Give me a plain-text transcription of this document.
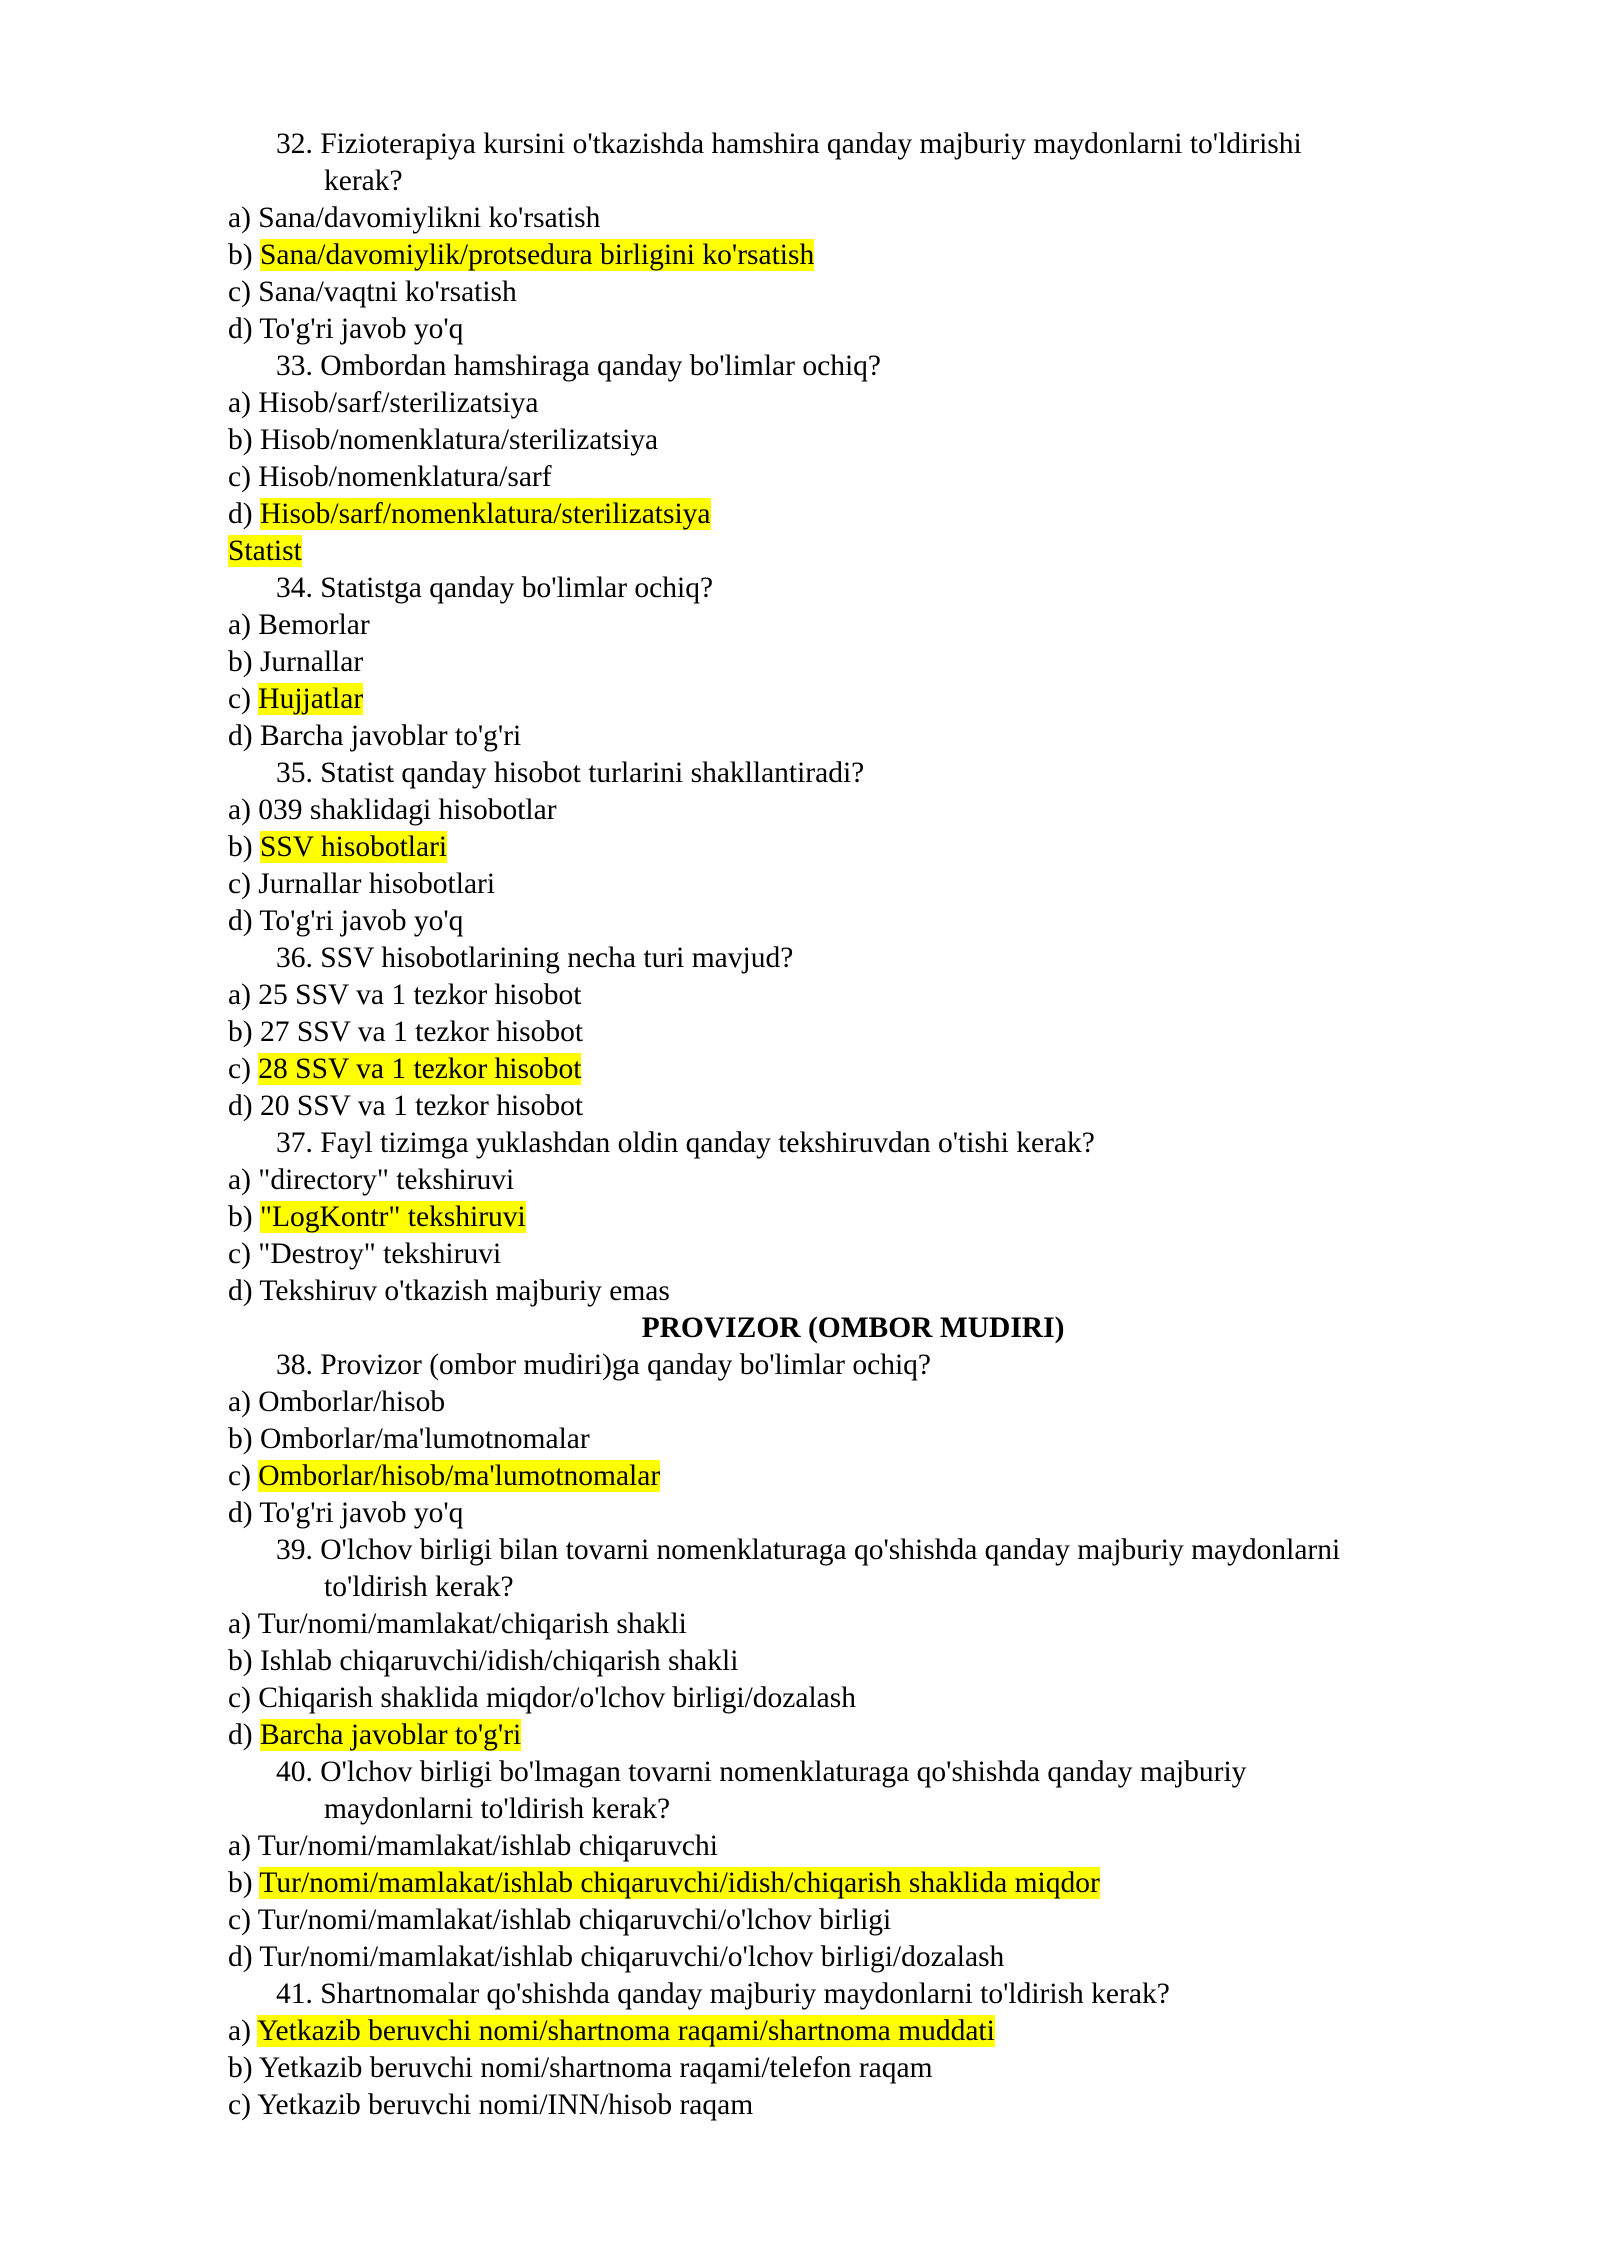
32. Fizioterapiya kursini o'tkazishda hamshira qanday majburiy maydonlarni to'ldirishi
kerak?
a) Sana/davomiylikni ko'rsatish
b) Sana/davomiylik/protsedura birligini ko'rsatish
c) Sana/vaqtni ko'rsatish
d) To'g'ri javob yo'q
33. Ombordan hamshiraga qanday bo'limlar ochiq?
a) Hisob/sarf/sterilizatsiya
b) Hisob/nomenklatura/sterilizatsiya
c) Hisob/nomenklatura/sarf
d) Hisob/sarf/nomenklatura/sterilizatsiya
Statist
34. Statistga qanday bo'limlar ochiq?
a) Bemorlar
b) Jurnallar
c) Hujjatlar
d) Barcha javoblar to'g'ri
35. Statist qanday hisobot turlarini shakllantiradi?
a) 039 shaklidagi hisobotlar
b) SSV hisobotlari
c) Jurnallar hisobotlari
d) To'g'ri javob yo'q
36. SSV hisobotlarining necha turi mavjud?
a) 25 SSV va 1 tezkor hisobot
b) 27 SSV va 1 tezkor hisobot
c) 28 SSV va 1 tezkor hisobot
d) 20 SSV va 1 tezkor hisobot
37. Fayl tizimga yuklashdan oldin qanday tekshiruvdan o'tishi kerak?
a) "directory" tekshiruvi
b) "LogKontr" tekshiruvi
c) "Destroy" tekshiruvi
d) Tekshiruv o'tkazish majburiy emas
PROVIZOR (OMBOR MUDIRI)
38. Provizor (ombor mudiri)ga qanday bo'limlar ochiq?
a) Omborlar/hisob
b) Omborlar/ma'lumotnomalar
c) Omborlar/hisob/ma'lumotnomalar
d) To'g'ri javob yo'q
39. O'lchov birligi bilan tovarni nomenklaturaga qo'shishda qanday majburiy maydonlarni
to'ldirish kerak?
a) Tur/nomi/mamlakat/chiqarish shakli
b) Ishlab chiqaruvchi/idish/chiqarish shakli
c) Chiqarish shaklida miqdor/o'lchov birligi/dozalash
d) Barcha javoblar to'g'ri
40. O'lchov birligi bo'lmagan tovarni nomenklaturaga qo'shishda qanday majburiy
maydonlarni to'ldirish kerak?
a) Tur/nomi/mamlakat/ishlab chiqaruvchi
b) Tur/nomi/mamlakat/ishlab chiqaruvchi/idish/chiqarish shaklida miqdor
c) Tur/nomi/mamlakat/ishlab chiqaruvchi/o'lchov birligi
d) Tur/nomi/mamlakat/ishlab chiqaruvchi/o'lchov birligi/dozalash
41. Shartnomalar qo'shishda qanday majburiy maydonlarni to'ldirish kerak?
a) Yetkazib beruvchi nomi/shartnoma raqami/shartnoma muddati
b) Yetkazib beruvchi nomi/shartnoma raqami/telefon raqam
c) Yetkazib beruvchi nomi/INN/hisob raqam
